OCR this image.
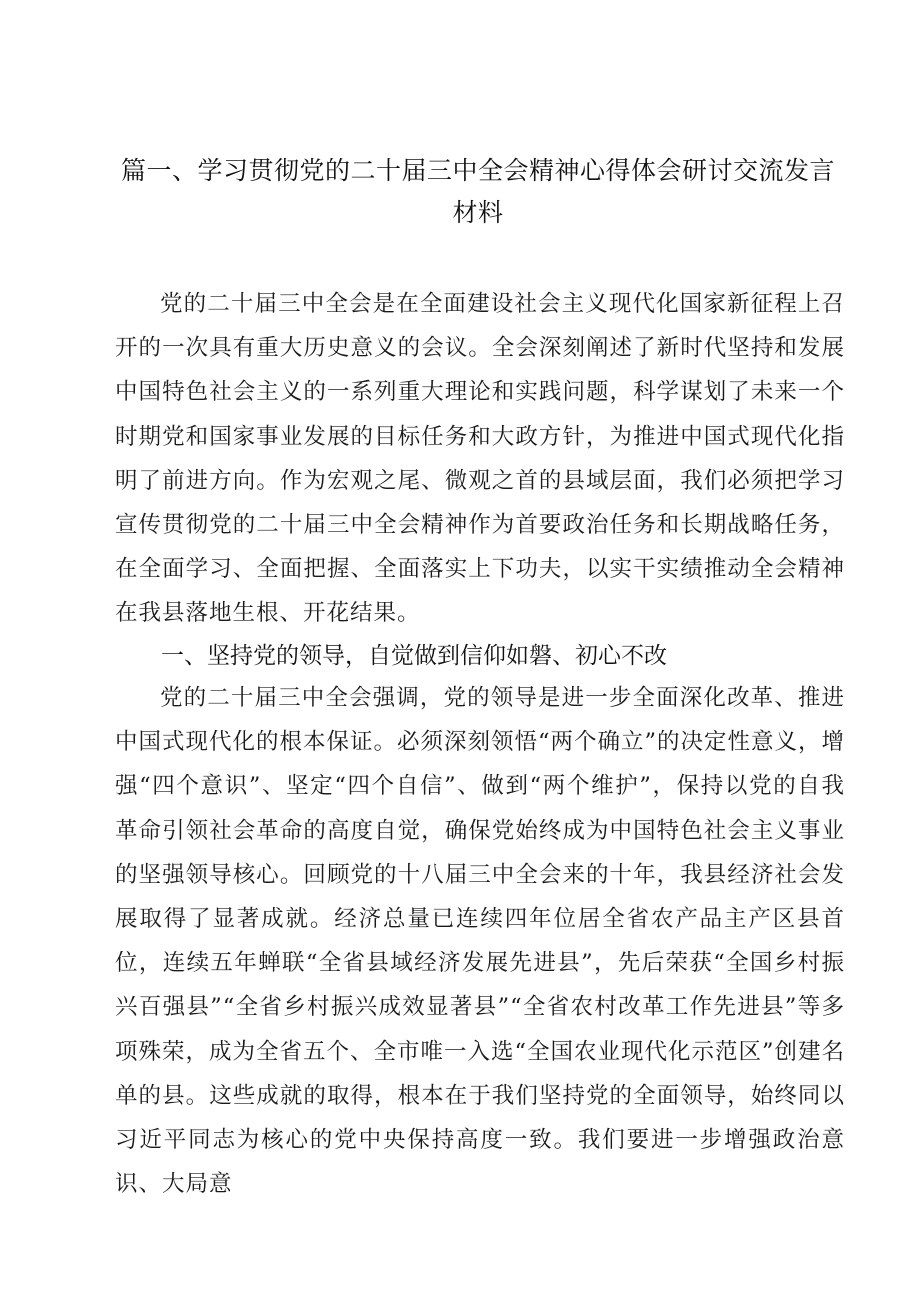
篇一、学习贯彻党的二十届三中全会精神心得体会研讨交流发言材料

党的二十届三中全会是在全面建设社会主义现代化国家新征程上召开的一次具有重大历史意义的会议。全会深刻阐述了新时代坚持和发展中国特色社会主义的一系列重大理论和实践问题，科学谋划了未来一个时期党和国家事业发展的目标任务和大政方针，为推进中国式现代化指明了前进方向。作为宏观之尾、微观之首的县域层面，我们必须把学习宣传贯彻党的二十届三中全会精神作为首要政治任务和长期战略任务，在全面学习、全面把握、全面落实上下功夫，以实干实绩推动全会精神在我县落地生根、开花结果。

一、坚持党的领导，自觉做到信仰如磐、初心不改

党的二十届三中全会强调，党的领导是进一步全面深化改革、推进中国式现代化的根本保证。必须深刻领悟“两个确立”的决定性意义，增强“四个意识”、坚定“四个自信”、做到“两个维护”，保持以党的自我革命引领社会革命的高度自觉，确保党始终成为中国特色社会主义事业的坚强领导核心。回顾党的十八届三中全会来的十年，我县经济社会发展取得了显著成就。经济总量已连续四年位居全省农产品主产区县首位，连续五年蝉联“全省县域经济发展先进县”，先后荣获“全国乡村振兴百强县”“全省乡村振兴成效显著县”“全省农村改革工作先进县”等多项殊荣，成为全省五个、全市唯一入选“全国农业现代化示范区”创建名单的县。这些成就的取得，根本在于我们坚持党的全面领导，始终同以习近平同志为核心的党中央保持高度一致。我们要进一步增强政治意识、大局意
